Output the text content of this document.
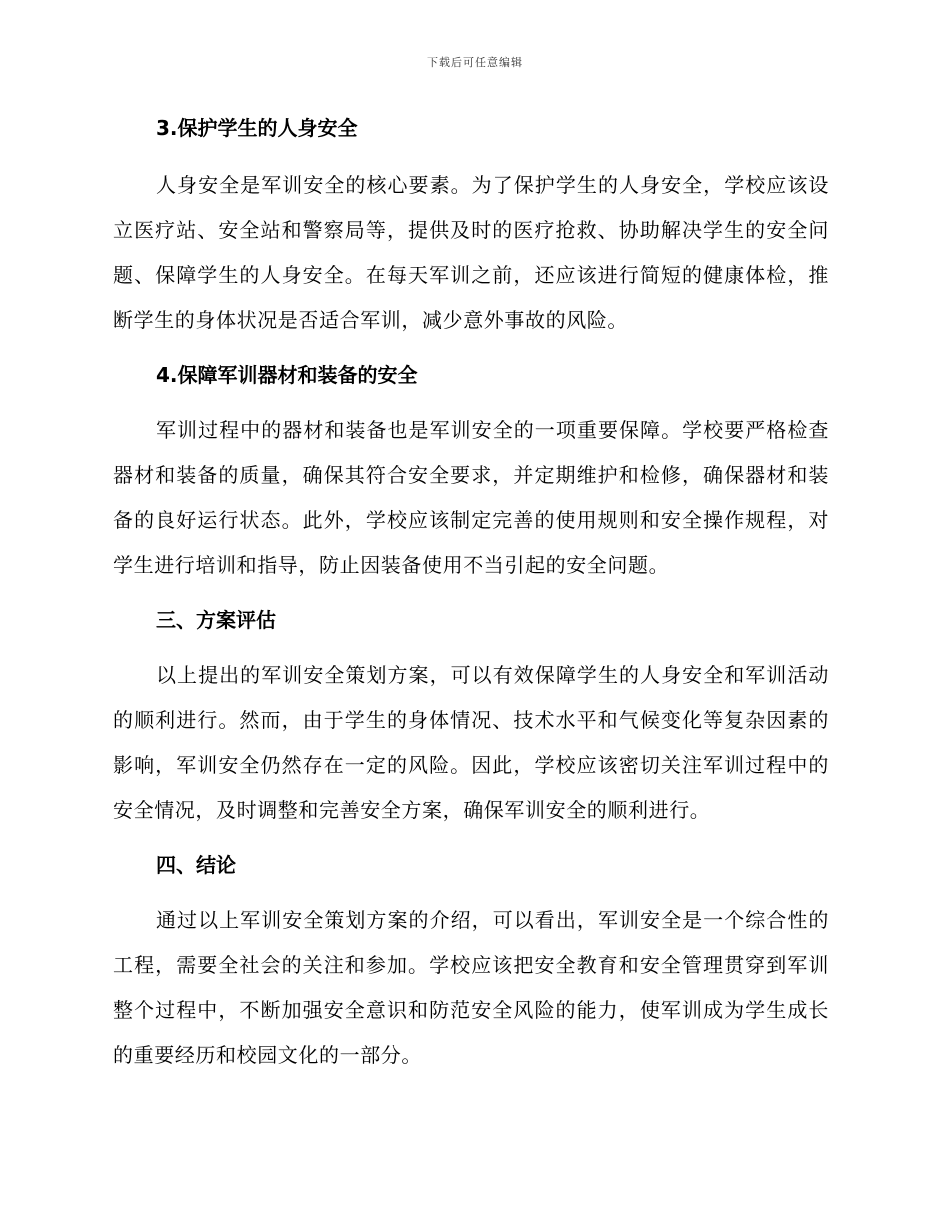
下载后可任意编辑
3.保护学生的人身安全

人身安全是军训安全的核心要素。为了保护学生的人身安全，学校应该设立医疗站、安全站和警察局等，提供及时的医疗抢救、协助解决学生的安全问题、保障学生的人身安全。在每天军训之前，还应该进行简短的健康体检，推断学生的身体状况是否适合军训，减少意外事故的风险。

4.保障军训器材和装备的安全

军训过程中的器材和装备也是军训安全的一项重要保障。学校要严格检查器材和装备的质量，确保其符合安全要求，并定期维护和检修，确保器材和装备的良好运行状态。此外，学校应该制定完善的使用规则和安全操作规程，对学生进行培训和指导，防止因装备使用不当引起的安全问题。

三、方案评估

以上提出的军训安全策划方案，可以有效保障学生的人身安全和军训活动的顺利进行。然而，由于学生的身体情况、技术水平和气候变化等复杂因素的影响，军训安全仍然存在一定的风险。因此，学校应该密切关注军训过程中的安全情况，及时调整和完善安全方案，确保军训安全的顺利进行。

四、结论

通过以上军训安全策划方案的介绍，可以看出，军训安全是一个综合性的工程，需要全社会的关注和参加。学校应该把安全教育和安全管理贯穿到军训整个过程中，不断加强安全意识和防范安全风险的能力，使军训成为学生成长的重要经历和校园文化的一部分。
